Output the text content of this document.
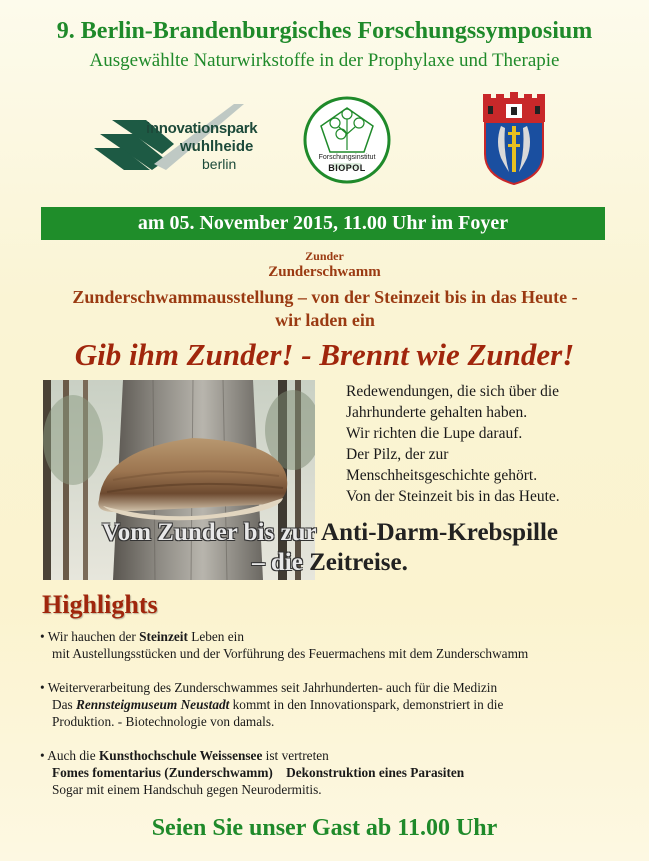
9. Berlin-Brandenburgisches Forschungssymposium
Ausgewählte Naturwirkstoffe in der Prophylaxe und Therapie
innovationspark
wuhlheide
berlin	Forschungsinstitut
BIOPOL
am 05. November 2015, 11.00 Uhr im Foyer
Zunder
Zunderschwamm
Zunderschwammausstellung – von der Steinzeit bis in das Heute -
wir laden ein
Gib ihm Zunder! - Brennt wie Zunder!
Redewendungen, die sich über die
Jahrhunderte gehalten haben.
Wir richten die Lupe darauf.
Der Pilz, der zur
Menschheitsgeschichte gehört.
Von der Steinzeit bis in das Heute.
Vom Zunder bis zur Anti-Darm-Krebspille
– die Zeitreise.
Highlights
• Wir hauchen der Steinzeit Leben ein
mit Austellungsstücken und der Vorführung des Feuermachens mit dem Zunderschwamm
• Weiterverarbeitung des Zunderschwammes seit Jahrhunderten- auch für die Medizin
Das Rennsteigmuseum Neustadt kommt in den Innovationspark, demonstriert in die
Produktion. - Biotechnologie von damals.
• Auch die Kunsthochschule Weissensee ist vertreten
Fomes fomentarius (Zunderschwamm)    Dekonstruktion eines Parasiten
Sogar mit einem Handschuh gegen Neurodermitis.
Seien Sie unser Gast ab 11.00 Uhr
